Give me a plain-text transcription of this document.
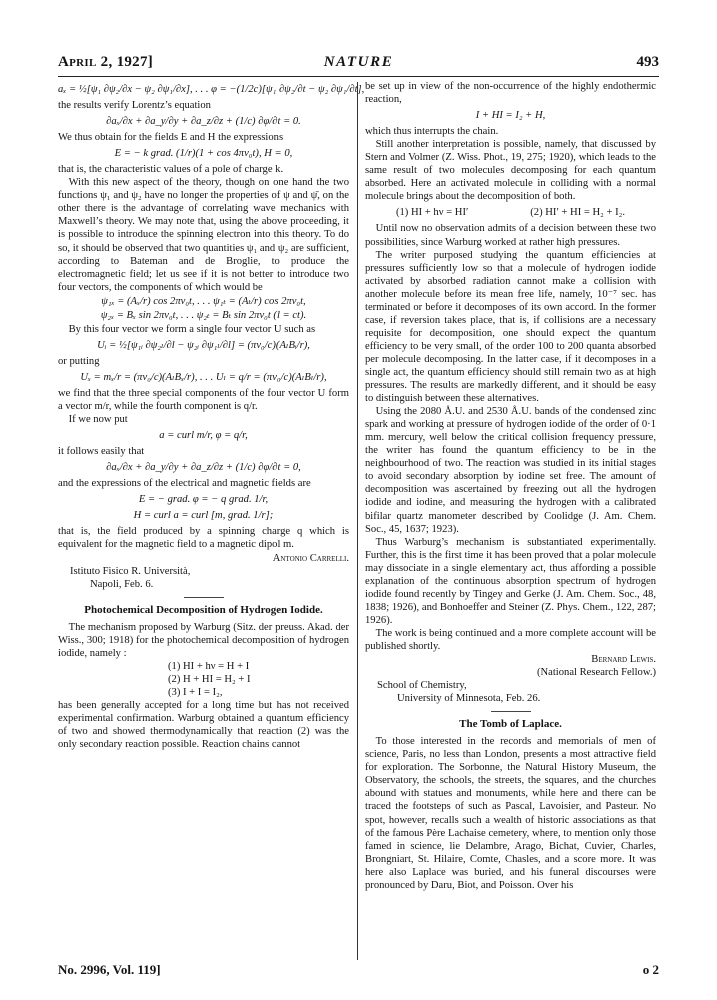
April 2, 1927]	NATURE	493
aₓ = ½[ψ₁ ∂ψ₂/∂x − ψ₂ ∂ψ₁/∂x], . . . φ = −(1/2c)[ψ₁ ∂ψ₂/∂t − ψ₂ ∂ψ₁/∂t],

the results verify Lorentz’s equation

∂aₓ/∂x + ∂a_y/∂y + ∂a_z/∂z + (1/c) ∂φ/∂t = 0.

We thus obtain for the fields E and H the expressions

E = − k grad. (1/r)(1 + cos 4πν₀t), H = 0,

that is, the characteristic values of a pole of charge k.

With this new aspect of the theory, though on one hand the two functions ψ₁ and ψ₂ have no longer the properties of ψ and ψ̄, on the other there is the advantage of correlating wave mechanics with Maxwell’s theory. We may note that, using the above proceeding, it is possible to introduce the spinning electron into this theory. To do so, it should be observed that two quantities ψ₁ and ψ₂ are sufficient, according to Bateman and de Broglie, to produce the electromagnetic field; let us see if it is not better to introduce two four vectors, the components of which would be

ψ₁ₓ = (Aₓ/r) cos 2πν₀t, . . . ψ₁ₜ = (Aₜ/r) cos 2πν₀t,
ψ₂ₓ = Bₓ sin 2πν₀t, . . . ψ₂ₜ = Bₜ sin 2πν₀t (l = ct).

By this four vector we form a single four vector U such as

Uᵢ = ½[ψ₁ᵢ ∂ψ₂ₗ/∂l − ψ₂ᵢ ∂ψ₁ₗ/∂l] = (πν₀/c)(AₗBᵢ/r),

or putting

Uₓ = mₓ/r = (πν₀/c)(AₗBₓ/r), . . . Uₗ = q/r = (πν₀/c)(AₗBₗ/r),

we find that the three special components of the four vector U form a vector m/r, while the fourth component is q/r.

If we now put

a = curl m/r, φ = q/r,

it follows easily that

∂aₓ/∂x + ∂a_y/∂y + ∂a_z/∂z + (1/c) ∂φ/∂t = 0,

and the expressions of the electrical and magnetic fields are

E = − grad. φ = − q grad. 1/r,
H = curl a = curl [m, grad. 1/r];

that is, the field produced by a spinning charge q which is equivalent for the magnetic field to a magnetic dipol m.

Antonio Carrelli.
Istituto Fisico R. Università,
Napoli, Feb. 6.
Photochemical Decomposition of Hydrogen Iodide.

The mechanism proposed by Warburg (Sitz. der preuss. Akad. der Wiss., 300; 1918) for the photochemical decomposition of hydrogen iodide, namely :

(1) HI + hν = H + I
(2) H + HI = H₂ + I
(3) I + I = I₂,

has been generally accepted for a long time but has not received experimental confirmation. Warburg obtained a quantum efficiency of two and showed thermodynamically that reaction (2) was the only secondary reaction possible. Reaction chains cannot

be set up in view of the non-occurrence of the highly endothermic reaction,

I + HI = I₂ + H,

which thus interrupts the chain.

Still another interpretation is possible, namely, that discussed by Stern and Volmer (Z. Wiss. Phot., 19, 275; 1920), which leads to the same result of two molecules decomposing for each quantum absorbed. Here an activated molecule in colliding with a normal molecule brings about the decomposition of both.

(1) HI + hν = HI′	(2) HI′ + HI = H₂ + I₂.

Until now no observation admits of a decision between these two possibilities, since Warburg worked at rather high pressures.

The writer purposed studying the quantum efficiencies at pressures sufficiently low so that a molecule of hydrogen iodide activated by absorbed radiation cannot make a collision with another molecule before its mean free life, namely, 10⁻⁷ sec. has terminated or before it decomposes of its own accord. In the former case, if reversion takes place, that is, if collisions are a necessary requisite for decomposition, one should expect the quantum efficiency to be very small, of the order 100 to 200 quanta absorbed per molecule decomposing. In the latter case, if it decomposes in a single act, the quantum efficiency should still remain two as at high pressures. The results are markedly different, and it should be easy to distinguish between these alternatives.

Using the 2080 Å.U. and 2530 Å.U. bands of the condensed zinc spark and working at pressure of hydrogen iodide of the order of 0·1 mm. mercury, well below the critical collision frequency pressure, the writer has found the quantum efficiency to be in the neighbourhood of two. The reaction was studied in its initial stages to avoid secondary absorption by iodine set free. The amount of decomposition was ascertained by freezing out all the hydrogen iodide and iodine, and measuring the hydrogen with a calibrated bifilar quartz manometer described by Coolidge (J. Am. Chem. Soc., 45, 1637; 1923).

Thus Warburg’s mechanism is substantiated experimentally. Further, this is the first time it has been proved that a polar molecule may dissociate in a single elementary act, thus affording a possible explanation of the continuous absorption spectrum of hydrogen iodide found recently by Tingey and Gerke (J. Am. Chem. Soc., 48, 1838; 1926), and Bonhoeffer and Steiner (Z. Phys. Chem., 122, 287; 1926).

The work is being continued and a more complete account will be published shortly.

Bernard Lewis.
(National Research Fellow.)
School of Chemistry,
University of Minnesota, Feb. 26.
The Tomb of Laplace.

To those interested in the records and memorials of men of science, Paris, no less than London, presents a most attractive field for exploration. The Sorbonne, the Natural History Museum, the Observatory, the schools, the streets, the squares, and the churches abound with statues and monuments, while here and there can be traced the footsteps of such as Pascal, Lavoisier, and Pasteur. No spot, however, recalls such a wealth of historic associations as that of the famous Père Lachaise cemetery, where, to mention only those famed in science, lie Delambre, Arago, Bichat, Cuvier, Charles, Brongniart, St. Hilaire, Comte, Chasles, and a score more. It was here also Laplace was buried, and his funeral discourses were pronounced by Daru, Biot, and Poisson. Over his

No. 2996, Vol. 119]	o 2
